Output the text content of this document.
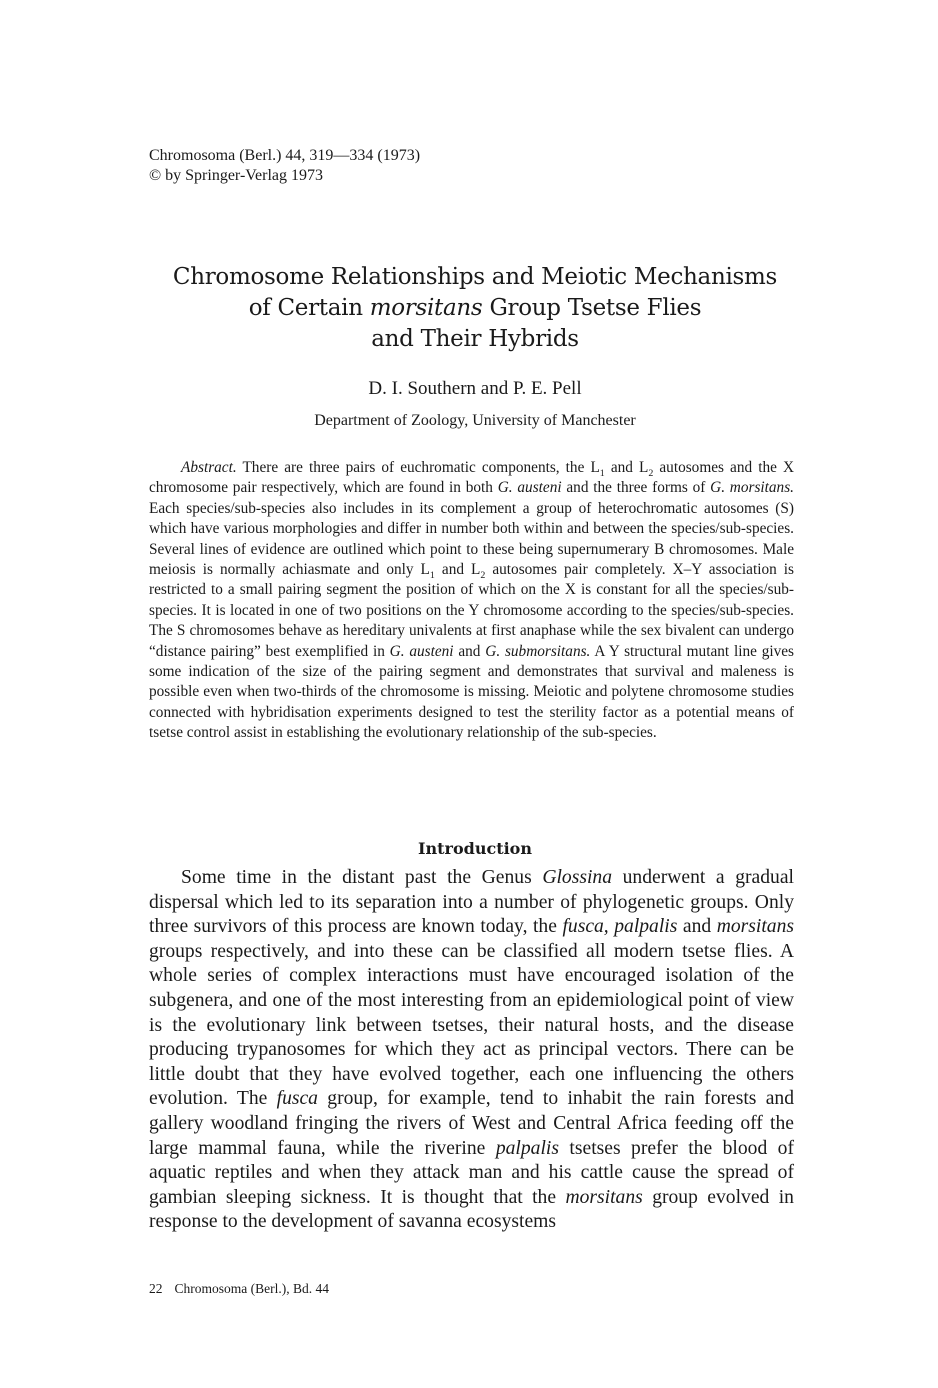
Chromosoma (Berl.) 44, 319—334 (1973)
© by Springer-Verlag 1973
Chromosome Relationships and Meiotic Mechanisms
of Certain morsitans Group Tsetse Flies
and Their Hybrids
D. I. Southern and P. E. Pell
Department of Zoology, University of Manchester
Abstract. There are three pairs of euchromatic components, the $L_1$ and $L_2$ autosomes and the X chromosome pair respectively, which are found in both G. austeni and the three forms of G. morsitans. Each species/sub-species also includes in its complement a group of heterochromatic autosomes (S) which have various morphologies and differ in number both within and between the species/sub-species. Several lines of evidence are outlined which point to these being supernumerary B chromosomes. Male meiosis is normally achiasmate and only $L_1$ and $L_2$ autosomes pair completely. X–Y association is restricted to a small pairing segment the position of which on the X is constant for all the species/sub-species. It is located in one of two positions on the Y chromosome according to the species/sub-species. The S chromosomes behave as hereditary univalents at first anaphase while the sex bivalent can undergo “distance pairing” best exemplified in G. austeni and G. submorsitans. A Y structural mutant line gives some indication of the size of the pairing segment and demonstrates that survival and maleness is possible even when two-thirds of the chromosome is missing. Meiotic and polytene chromosome studies connected with hybridisation experiments designed to test the sterility factor as a potential means of tsetse control assist in establishing the evolutionary relationship of the sub-species.
Introduction
Some time in the distant past the Genus Glossina underwent a gradual dispersal which led to its separation into a number of phylogenetic groups. Only three survivors of this process are known today, the fusca, palpalis and morsitans groups respectively, and into these can be classified all modern tsetse flies. A whole series of complex interactions must have encouraged isolation of the subgenera, and one of the most interesting from an epidemiological point of view is the evolutionary link between tsetses, their natural hosts, and the disease producing trypanosomes for which they act as principal vectors. There can be little doubt that they have evolved together, each one influencing the others evolution. The fusca group, for example, tend to inhabit the rain forests and gallery woodland fringing the rivers of West and Central Africa feeding off the large mammal fauna, while the riverine palpalis tsetses prefer the blood of aquatic reptiles and when they attack man and his cattle cause the spread of gambian sleeping sickness. It is thought that the morsitans group evolved in response to the development of savanna ecosystems
22 Chromosoma (Berl.), Bd. 44
